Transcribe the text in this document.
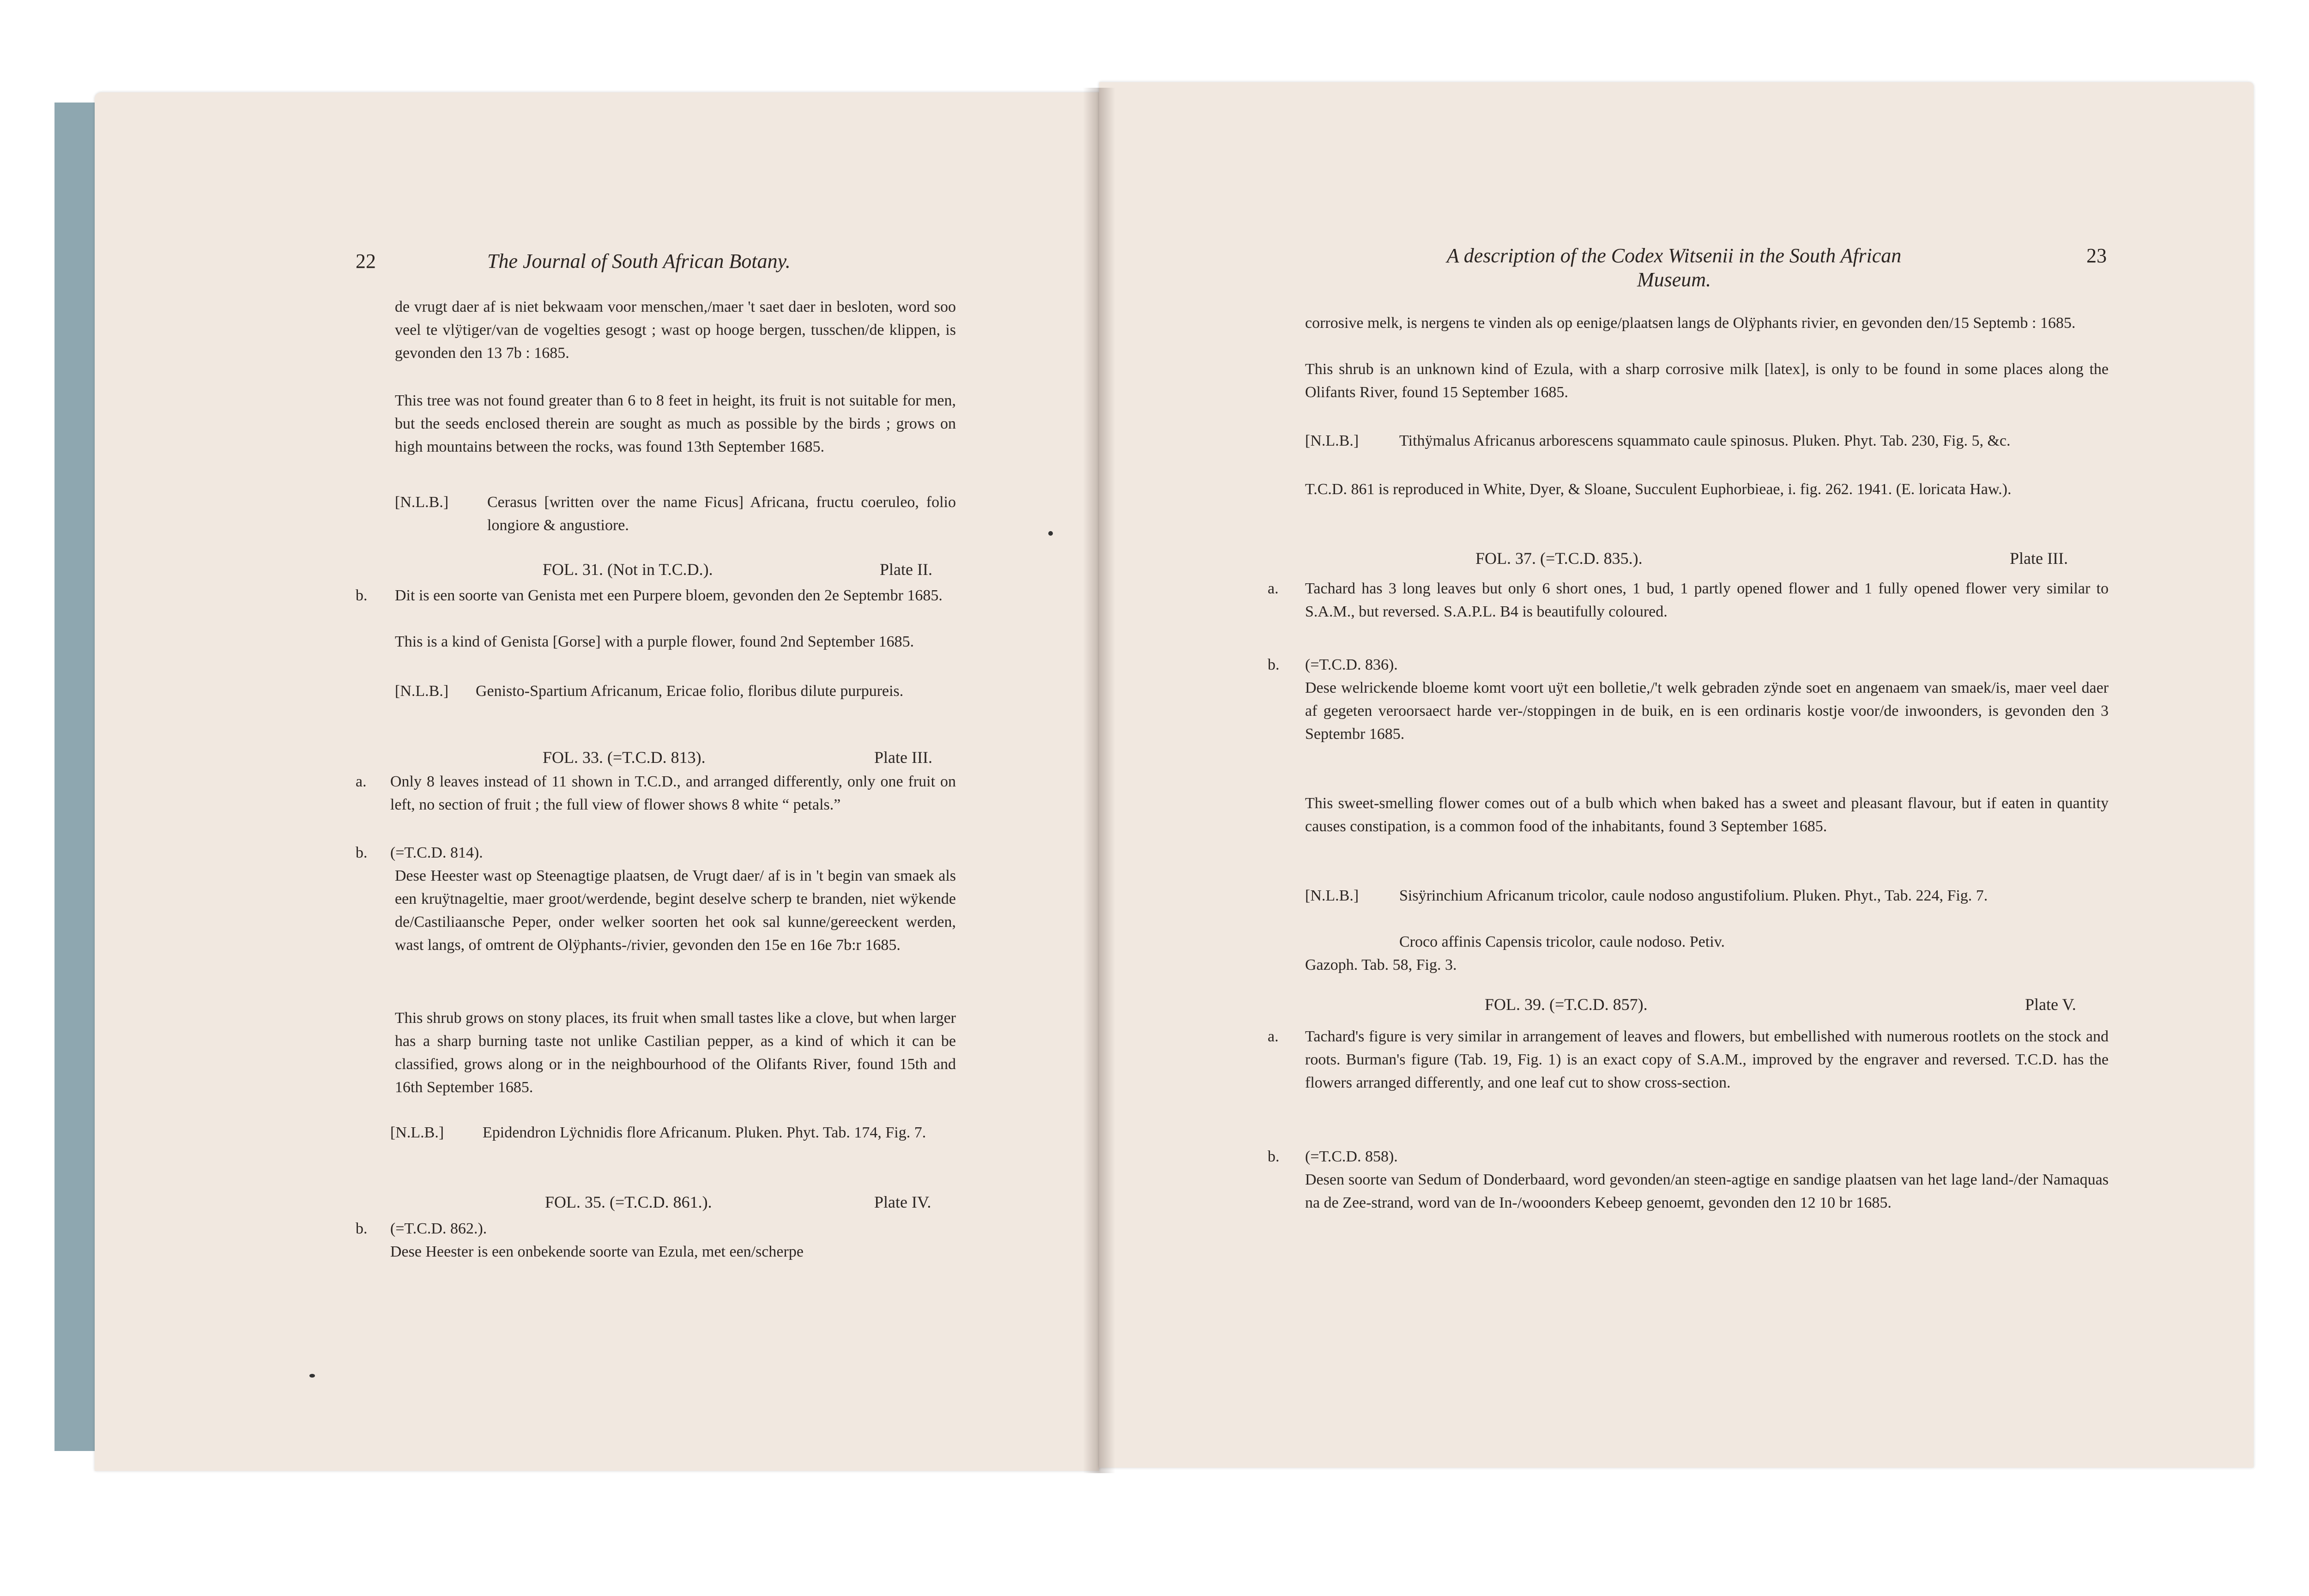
22	The Journal of South African Botany.

de vrugt daer af is niet bekwaam voor menschen,/maer 't saet daer in besloten, word soo veel te vlÿtiger/van de vogelties gesogt ; wast op hooge bergen, tusschen/de klippen, is gevonden den 13 7b : 1685.

This tree was not found greater than 6 to 8 feet in height, its fruit is not suitable for men, but the seeds enclosed therein are sought as much as possible by the birds ; grows on high mountains between the rocks, was found 13th September 1685.

[N.L.B.] Cerasus [written over the name Ficus] Africana, fructu coeruleo, folio longiore & angustiore.

FOL. 31. (Not in T.C.D.).	Plate II.
b. Dit is een soorte van Genista met een Purpere bloem, gevonden den 2e Septembr 1685.

This is a kind of Genista [Gorse] with a purple flower, found 2nd September 1685.

[N.L.B.] Genisto-Spartium Africanum, Ericae folio, floribus dilute purpureis.

FOL. 33. (=T.C.D. 813).	Plate III.
a. Only 8 leaves instead of 11 shown in T.C.D., and arranged differently, only one fruit on left, no section of fruit ; the full view of flower shows 8 white “ petals.”

b. (=T.C.D. 814).

Dese Heester wast op Steenagtige plaatsen, de Vrugt daer/ af is in 't begin van smaek als een kruÿtnageltie, maer groot/werdende, begint deselve scherp te branden, niet wÿkende de/Castiliaansche Peper, onder welker soorten het ook sal kunne/gereeckent werden, wast langs, of omtrent de Olÿphants-/rivier, gevonden den 15e en 16e 7b:r 1685.

This shrub grows on stony places, its fruit when small tastes like a clove, but when larger has a sharp burning taste not unlike Castilian pepper, as a kind of which it can be classified, grows along or in the neighbourhood of the Olifants River, found 15th and 16th September 1685.

[N.L.B.] Epidendron Lÿchnidis flore Africanum. Pluken. Phyt. Tab. 174, Fig. 7.

FOL. 35. (=T.C.D. 861.).	Plate IV.
b. (=T.C.D. 862.).

Dese Heester is een onbekende soorte van Ezula, met een/scherpe

A description of the Codex Witsenii in the South African
Museum.
23

corrosive melk, is nergens te vinden als op eenige/plaatsen langs de Olÿphants rivier, en gevonden den/15 Septemb : 1685.

This shrub is an unknown kind of Ezula, with a sharp corrosive milk [latex], is only to be found in some places along the Olifants River, found 15 September 1685.

[N.L.B.]	Tithÿmalus Africanus arborescens squammato caule spinosus. Pluken. Phyt. Tab. 230, Fig. 5, &c.

T.C.D. 861 is reproduced in White, Dyer, & Sloane, Succulent Euphorbieae, i. fig. 262. 1941. (E. loricata Haw.).

FOL. 37. (=T.C.D. 835.).	Plate III.
a. Tachard has 3 long leaves but only 6 short ones, 1 bud, 1 partly opened flower and 1 fully opened flower very similar to S.A.M., but reversed. S.A.P.L. B4 is beautifully coloured.

b. (=T.C.D. 836).

Dese welrickende bloeme komt voort uÿt een bolletie,/'t welk gebraden zÿnde soet en angenaem van smaek/is, maer veel daer af gegeten veroorsaect harde ver-/stoppingen in de buik, en is een ordinaris kostje voor/de inwoonders, is gevonden den 3 Septembr 1685.

This sweet-smelling flower comes out of a bulb which when baked has a sweet and pleasant flavour, but if eaten in quantity causes constipation, is a common food of the inhabitants, found 3 September 1685.

[N.L.B.]	Sisÿrinchium Africanum tricolor, caule nodoso angustifolium. Pluken. Phyt., Tab. 224, Fig. 7.

Croco affinis Capensis tricolor, caule nodoso. Petiv.

Gazoph. Tab. 58, Fig. 3.
FOL. 39. (=T.C.D. 857).	Plate V.
a. Tachard's figure is very similar in arrangement of leaves and flowers, but embellished with numerous rootlets on the stock and roots. Burman's figure (Tab. 19, Fig. 1) is an exact copy of S.A.M., improved by the engraver and reversed. T.C.D. has the flowers arranged differently, and one leaf cut to show cross-section.

b. (=T.C.D. 858).

Desen soorte van Sedum of Donderbaard, word gevonden/an steen-agtige en sandige plaatsen van het lage land-/der Namaquas na de Zee-strand, word van de In-/wooonders Kebeep genoemt, gevonden den 12 10 br 1685.
